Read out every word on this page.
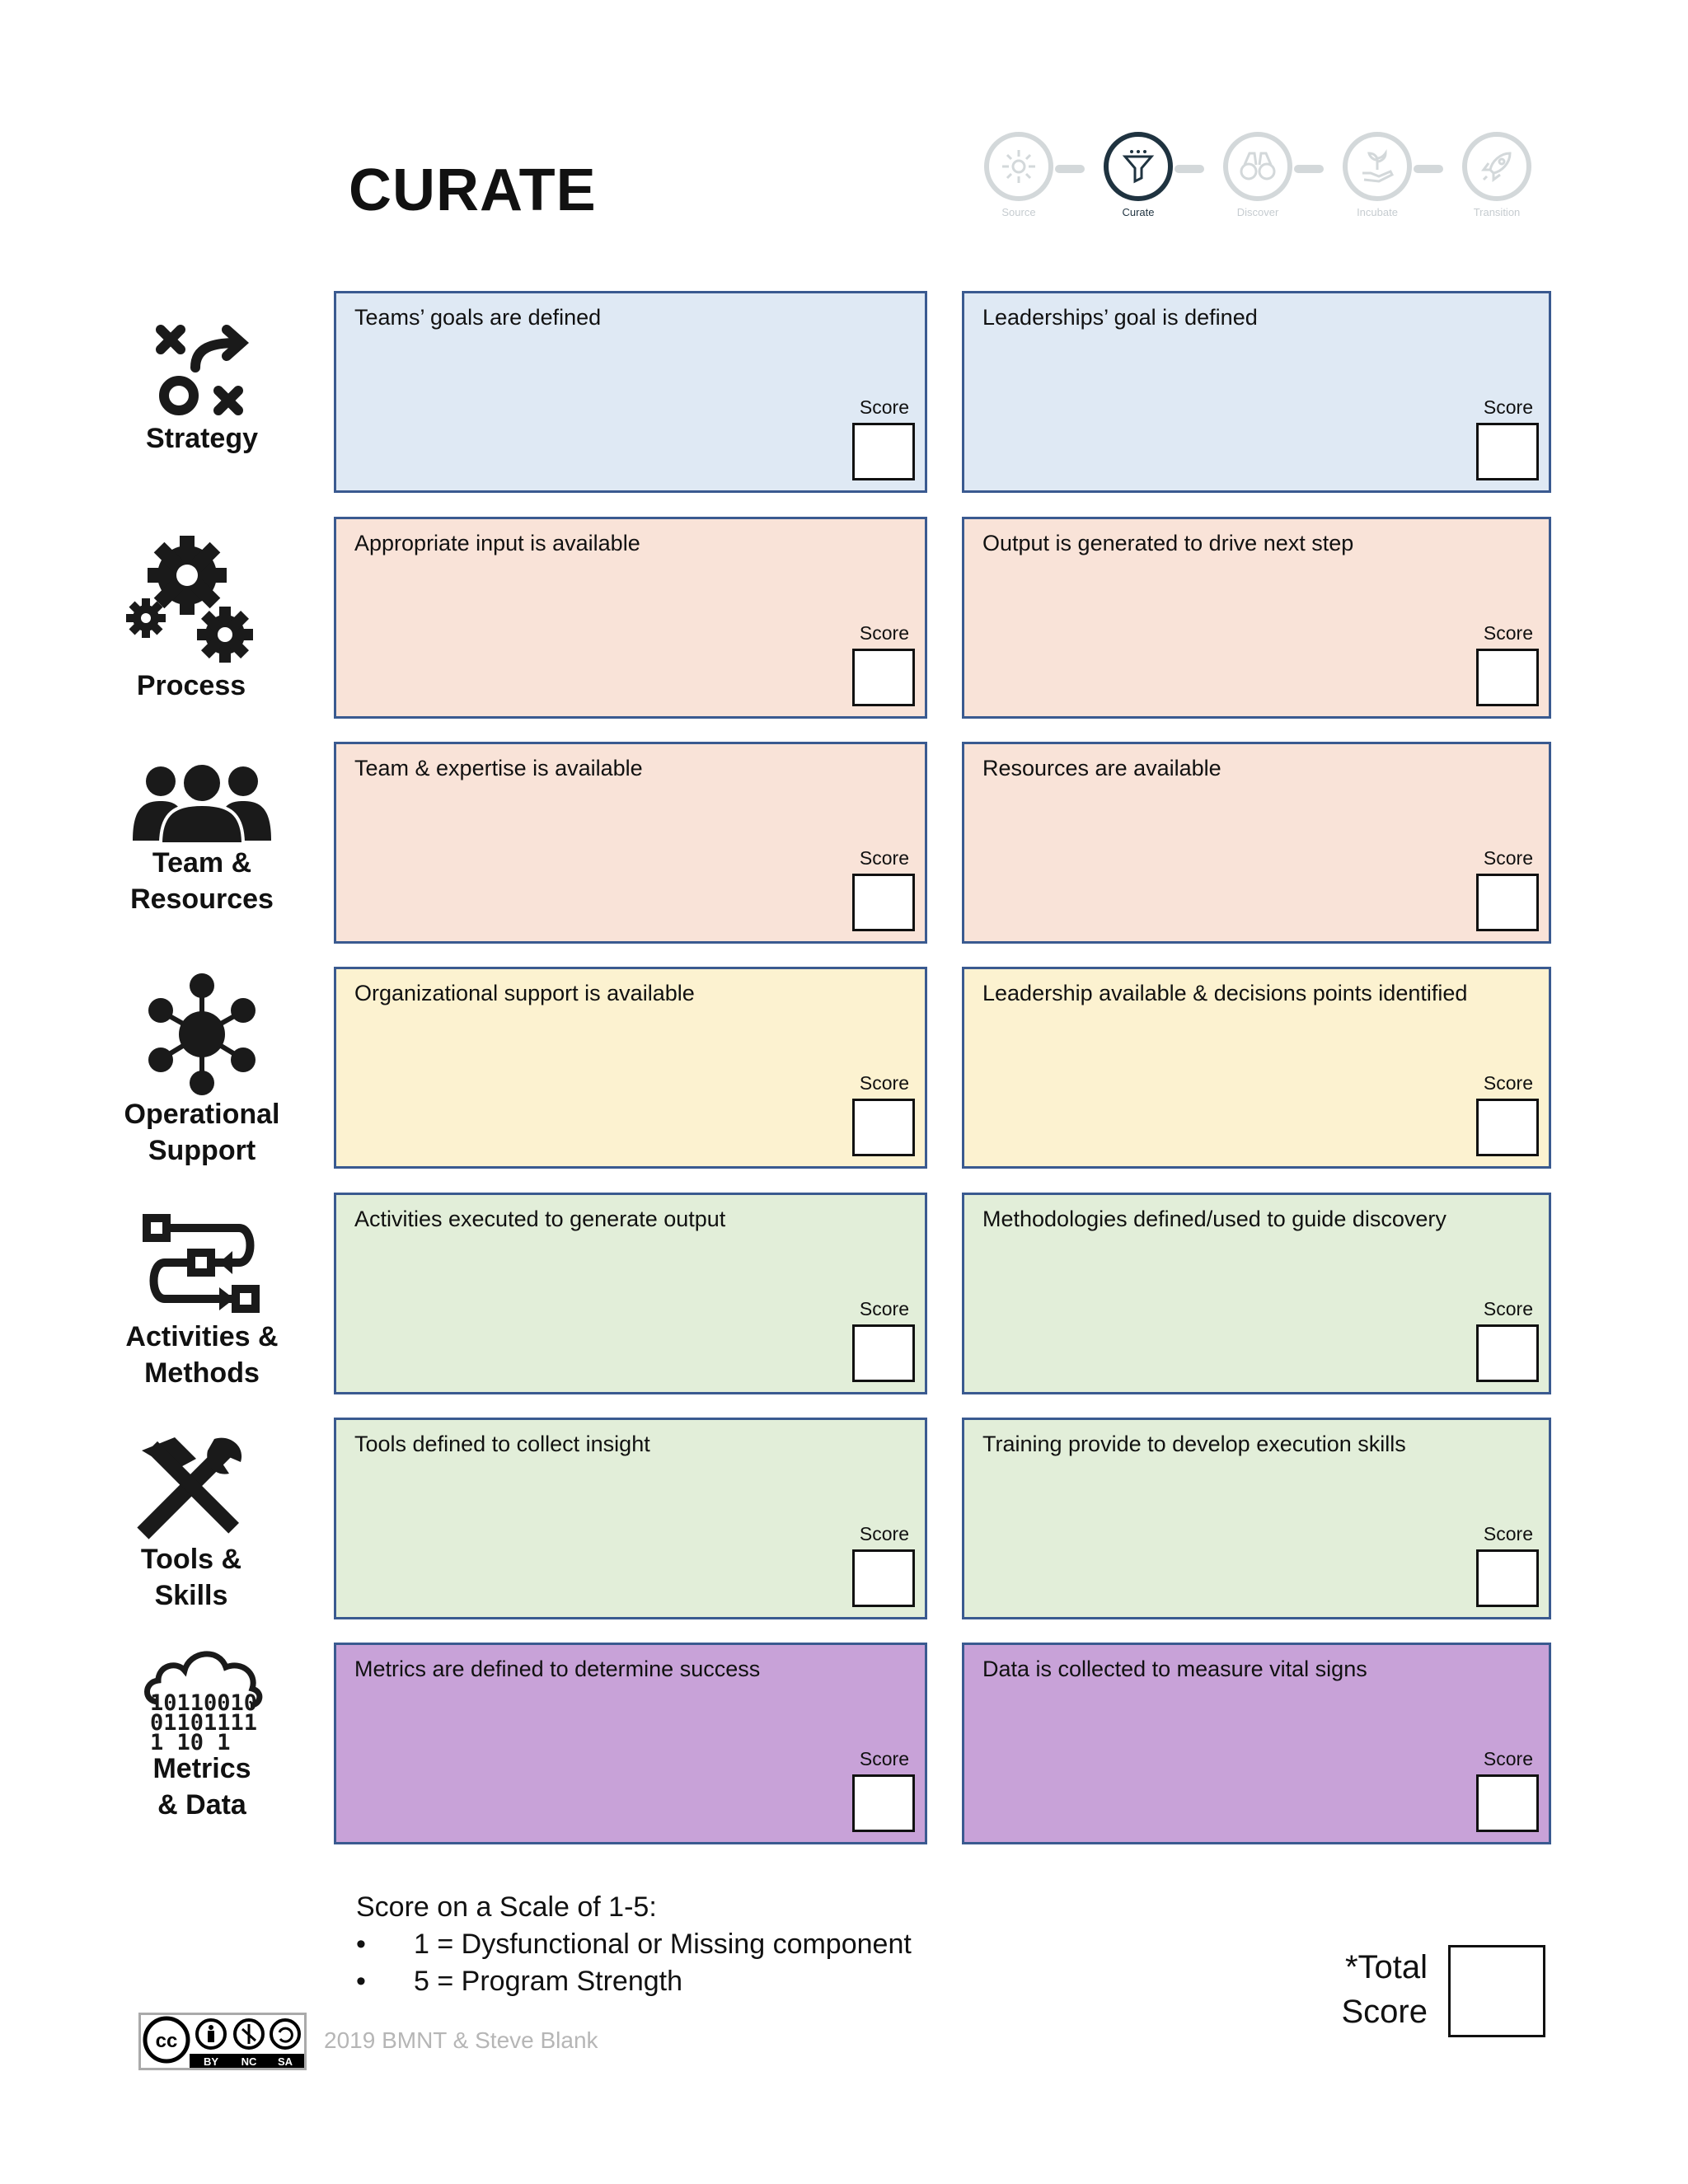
CURATE	Source	Curate	Discover	Incubate	Transition
Strategy
Process
Team &
Resources
Operational
Support
Activities &
Methods
Tools &
Skills
10110010
01101111
1 10 1
Metrics
& Data
Teams’ goals are defined
Score
Leaderships’ goal is defined
Score
Appropriate input is available
Score
Output is generated to drive next step
Score
Team & expertise is available
Score
Resources are available
Score
Organizational support is available
Score
Leadership available & decisions points identified
Score
Activities executed to generate output
Score
Methodologies defined/used to guide discovery
Score
Tools defined to collect insight
Score
Training provide to develop execution skills
Score
Metrics are defined to determine success
Score
Data is collected to measure vital signs
Score
Score on a Scale of 1-5:
• 1 = Dysfunctional or Missing component
• 5 = Program Strength	*Total
Score
cc
BY NC SA
2019 BMNT & Steve Blank
